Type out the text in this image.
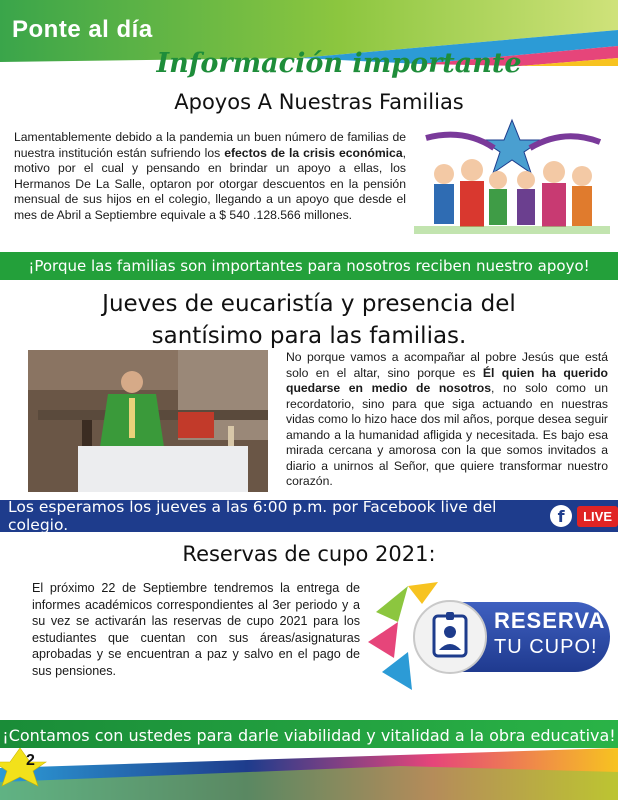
Ponte al día
Información importante
Apoyos A Nuestras Familias
Lamentablemente debido a la pandemia un buen número de familias de nuestra institución están sufriendo los efectos de la crisis económica, motivo por el cual y pensando en brindar un apoyo a ellas, los Hermanos De La Salle, optaron por otorgar descuentos en la pensión mensual de sus hijos en el colegio, llegando a un apoyo que desde el mes de Abril a Septiembre equivale a $ 540 .128.566 millones.
¡Porque las familias son importantes para nosotros reciben nuestro apoyo!
Jueves de eucaristía y presencia del
santísimo para las familias.
No porque vamos a acompañar al pobre Jesús que está solo en el altar, sino porque es Él quien ha querido quedarse en medio de nosotros, no solo como un recordatorio, sino para que siga actuando en nuestras vidas como lo hizo hace dos mil años, porque desea seguir amando a la humanidad afligida y necesitada. Es bajo esa mirada cercana y amorosa con la que somos invitados a diario a unirnos al Señor, que quiere transformar nuestro corazón.
Los esperamos los jueves a las 6:00 p.m. por Facebook live del colegio.	f	LIVE
Reservas de cupo 2021:
El próximo 22 de Septiembre tendremos la entrega de informes académicos correspondientes al 3er periodo y a su vez se activarán las reservas de cupo 2021 para los estudiantes que cuentan con sus áreas/asignaturas aprobadas y se encuentran a paz y salvo en el pago de sus pensiones.
RESERVA
TU CUPO!
¡Contamos con ustedes para darle viabilidad y vitalidad a la obra educativa!
2
